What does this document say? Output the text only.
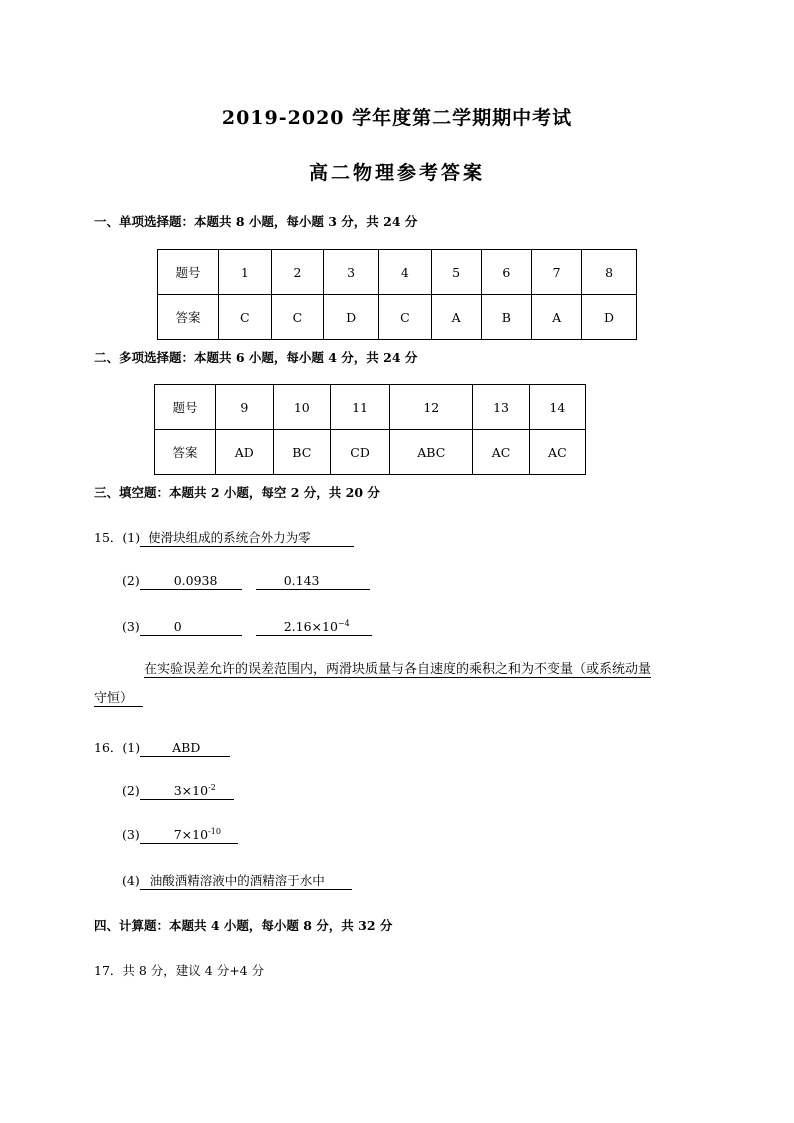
2019-2020 学年度第二学期期中考试
高二物理参考答案
一、单项选择题：本题共 8 小题，每小题 3 分，共 24 分
题号	1	2	3	4	5	6	7	8
答案	C	C	D	C	A	B	A	D
二、多项选择题：本题共 6 小题，每小题 4 分，共 24 分
题号	9	10	11	12	13	14
答案	AD	BC	CD	ABC	AC	AC
三、填空题：本题共 2 小题，每空 2 分，共 20 分
15．(1) 使滑块组成的系统合外力为零
(2)	0.0938	0.143
(3)	0	$2.16\times 10^{-4}$
在实验误差允许的误差范围内，两滑块质量与各自速度的乘积之和为不变量（或系统动量
守恒）
16．(1)	ABD
(2)	$3\times 10^{-2}$
(3)	$7\times 10^{-10}$
(4) 油酸酒精溶液中的酒精溶于水中
四、计算题：本题共 4 小题，每小题 8 分，共 32 分
17．共 8 分，建议 4 分+4 分
